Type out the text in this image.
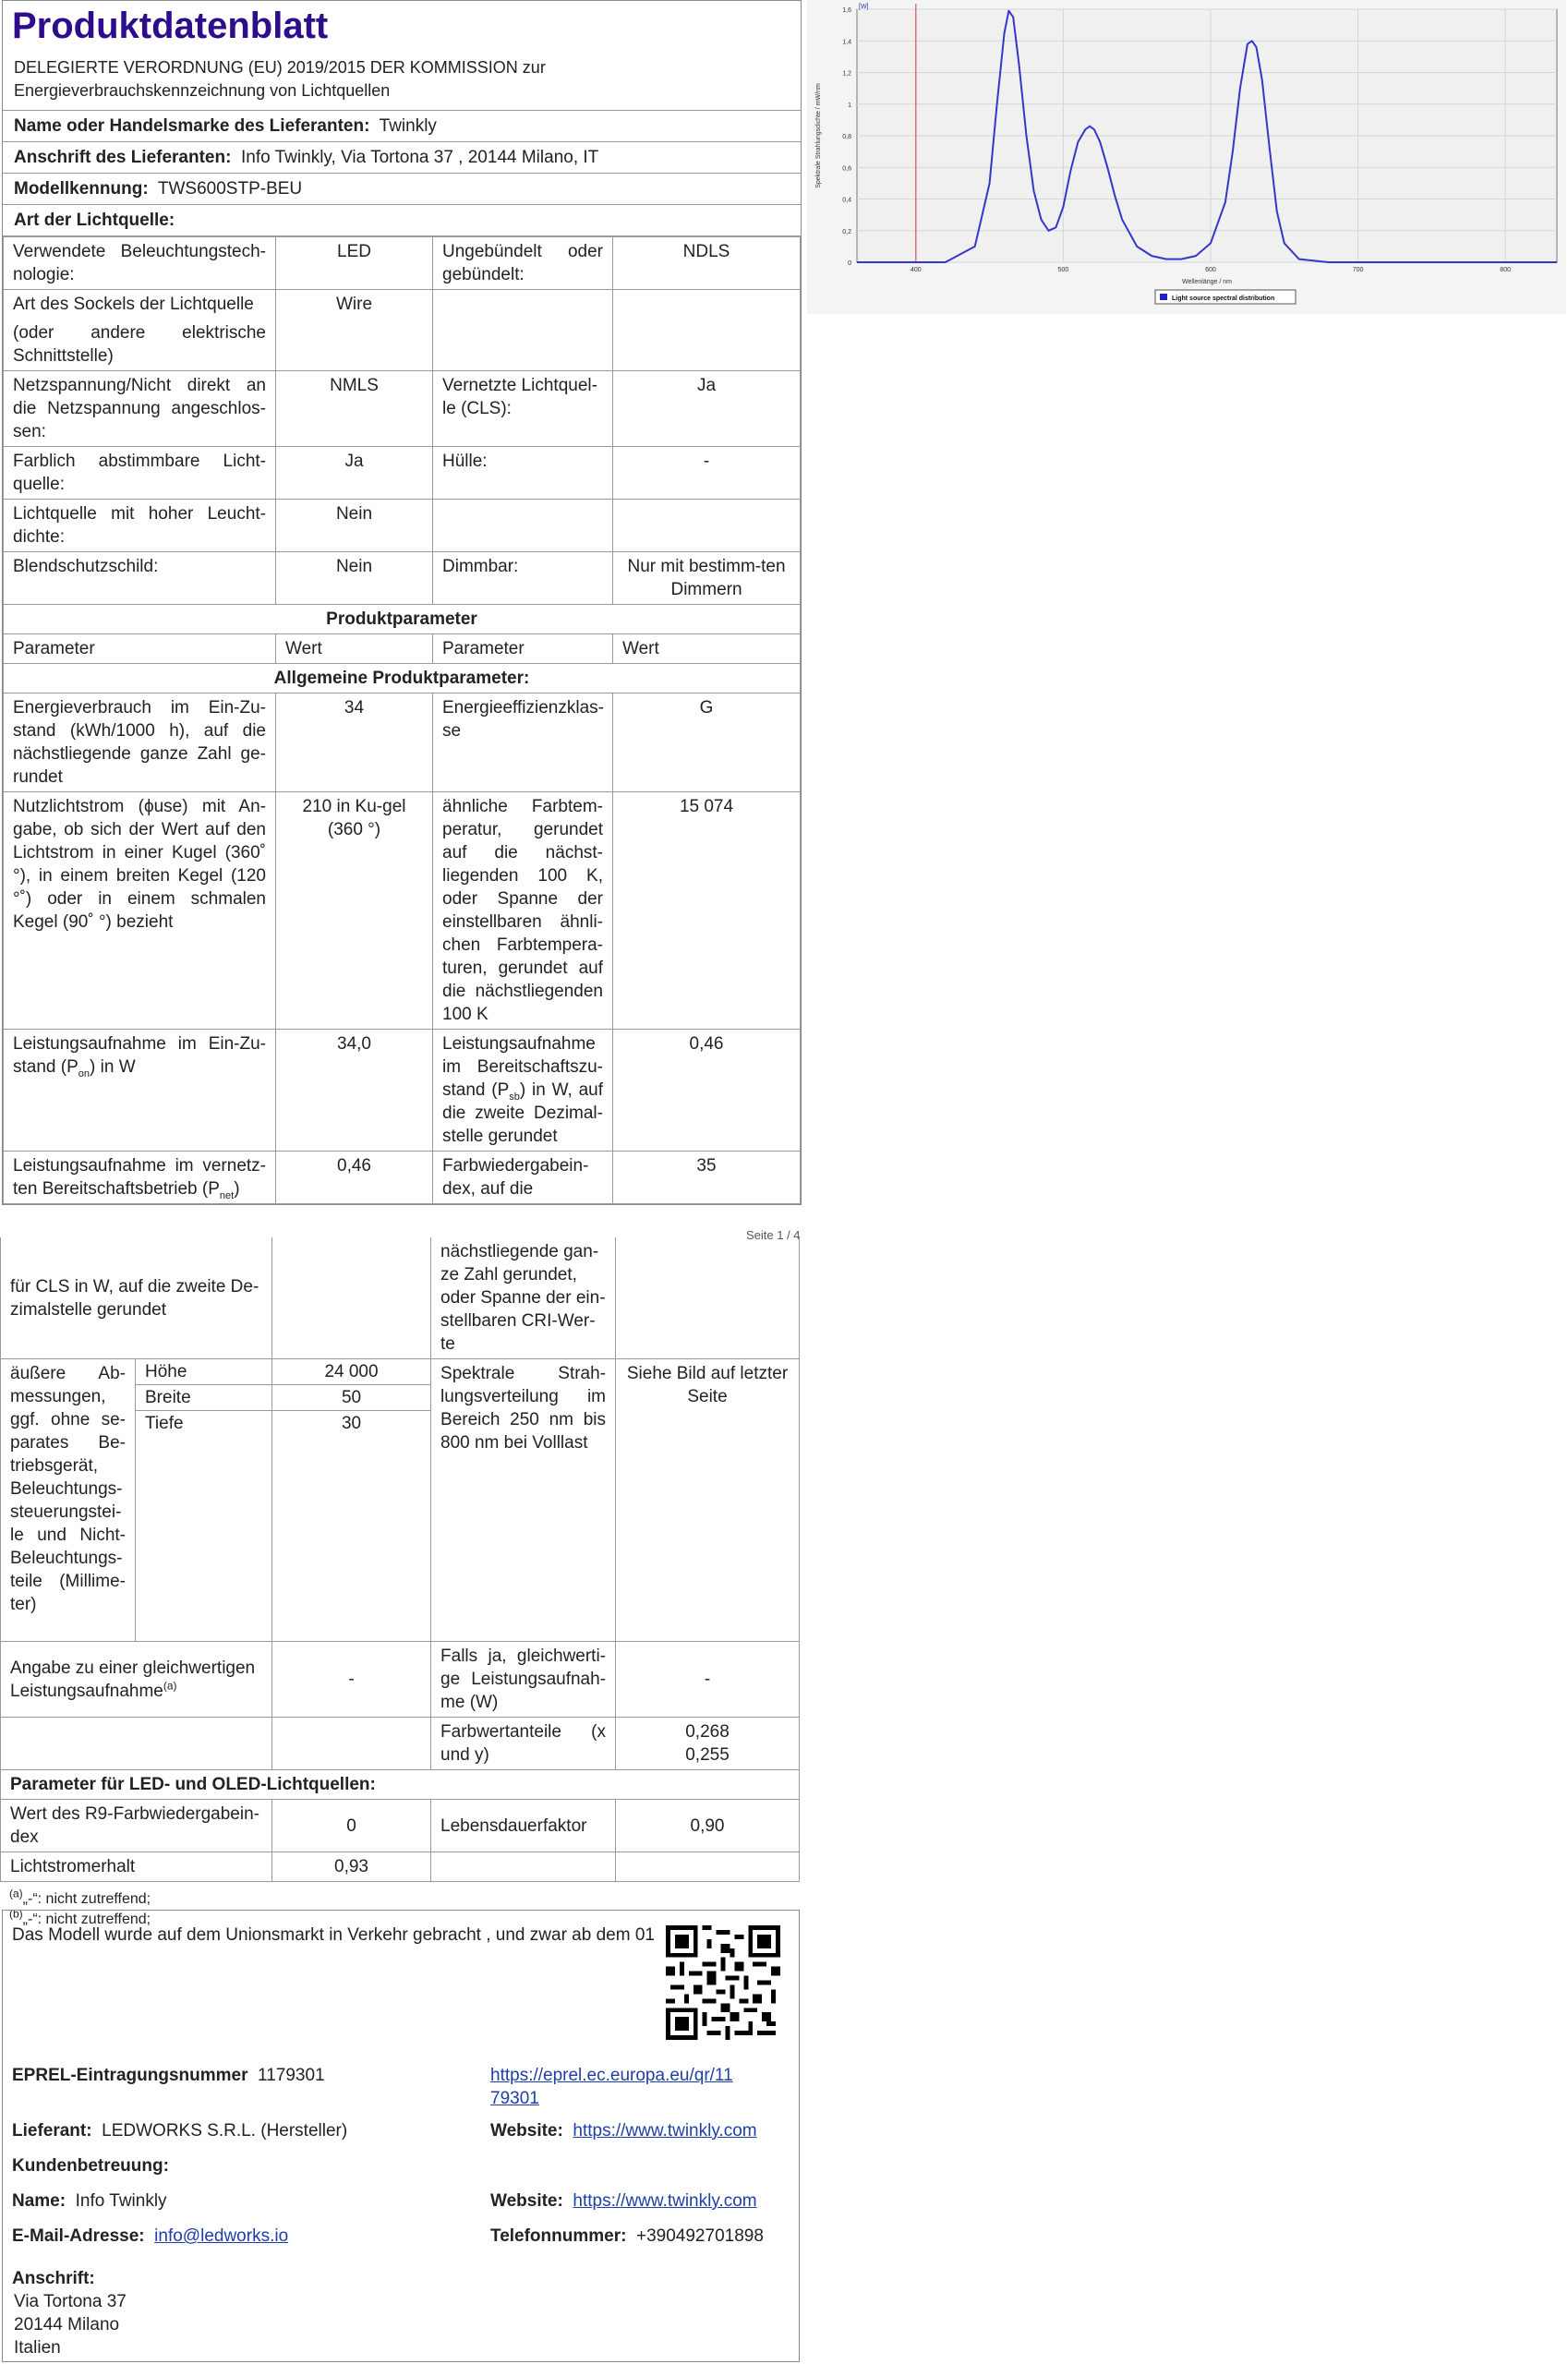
Produktdatenblatt
DELEGIERTE VERORDNUNG (EU) 2019/2015 DER KOMMISSION zur Energieverbrauchskennzeichnung von Lichtquellen
Name oder Handelsmarke des Lieferanten: Twinkly
Anschrift des Lieferanten: Info Twinkly, Via Tortona 37 , 20144 Milano, IT
Modellkennung: TWS600STP-BEU
Art der Lichtquelle:
Verwendete Beleuchtungstech-nologie:	LED	Ungebündelt oder gebündelt:	NDLS
Art des Sockels der Lichtquelle	Wire		
(oder andere elektrische Schnittstelle)			
Netzspannung/Nicht direkt an die Netzspannung angeschlos-sen:	NMLS	Vernetzte Lichtquel-le (CLS):	Ja
Farblich abstimmbare Licht-quelle:	Ja	Hülle:	-
Lichtquelle mit hoher Leucht-dichte:	Nein		
Blendschutzschild:	Nein	Dimmbar:	Nur mit bestimm-ten Dimmern
Produktparameter			
Parameter	Wert	Parameter	Wert
Allgemeine Produktparameter:			
Energieverbrauch im Ein-Zu-stand (kWh/1000 h), auf die nächstliegende ganze Zahl ge-rundet	34	Energieeffizienzklas-se	G
Nutzlichtstrom (ϕuse) mit An-gabe, ob sich der Wert auf den Lichtstrom in einer Kugel (360˚ °), in einem breiten Kegel (120 °˚) oder in einem schmalen Kegel (90˚ °) bezieht	210 in Ku-gel (360 °)	ähnliche Farbtem-peratur, gerundet auf die nächst-liegenden 100 K, oder Spanne der einstellbaren ähnli-chen Farbtempera-turen, gerundet auf die nächstliegenden 100 K	15 074
Leistungsaufnahme im Ein-Zu-stand $(P_{on})$ in W	34,0	Leistungsaufnahme im Bereitschaftszu-stand $(P_{sb})$ in W, auf die zweite Dezimal-stelle gerundet	0,46
Leistungsaufnahme im vernetz-ten Bereitschaftsbetrieb $(P_{net})$	0,46	Farbwiedergabein-dex, auf die	35
Seite 1 / 4
für CLS in W, auf die zweite De-zimalstelle gerundet			nächstliegende gan-ze Zahl gerundet, oder Spanne der ein-stellbaren CRI-Wer-te	
äußere Ab-messungen, ggf. ohne se-parates Be-triebsgerät, Beleuchtungs-steuerungstei-le und Nicht-Beleuchtungs-teile (Millime-ter)	Höhe	24 000	Spektrale Strah-lungsverteilung im Bereich 250 nm bis 800 nm bei Volllast	Siehe Bild auf letzter Seite
	Breite	50		
	Tiefe	30		
Angabe zu einer gleichwertigen Leistungsaufnahme$^{(a)}$		-	Falls ja, gleichwerti-ge Leistungsaufnah-me (W)	-
			Farbwertanteile (x und y)	0,268
0,255

Parameter für LED- und OLED-Lichtquellen:				
Wert des R9-Farbwiedergabein-dex		0	Lebensdauerfaktor	0,90
Lichtstromerhalt		0,93		
$^{(a)}$„-“: nicht zutreffend;
$^{(b)}$„-“: nicht zutreffend;
Das Modell wurde auf dem Unionsmarkt in Verkehr gebracht , und zwar ab dem 01
EPREL-Eintragungsnummer 1179301	https://eprel.ec.europa.eu/qr/11
79301
Lieferant: LEDWORKS S.R.L. (Hersteller)	Website: https://www.twinkly.com
Kundenbetreuung:
Name: Info Twinkly	Website: https://www.twinkly.com
E-Mail-Adresse: info@ledworks.io	Telefonnummer: +390492701898
Anschrift:
Via Tortona 37
20144 Milano
Italien
0
0,2
0,4
0,6
0,8
1
1,2
1,4
1,6
400	500	600	700	800
[W]
Wellenlänge / nm
Spektrale Strahlungsdichte / mW/nm
Light source spectral distribution
